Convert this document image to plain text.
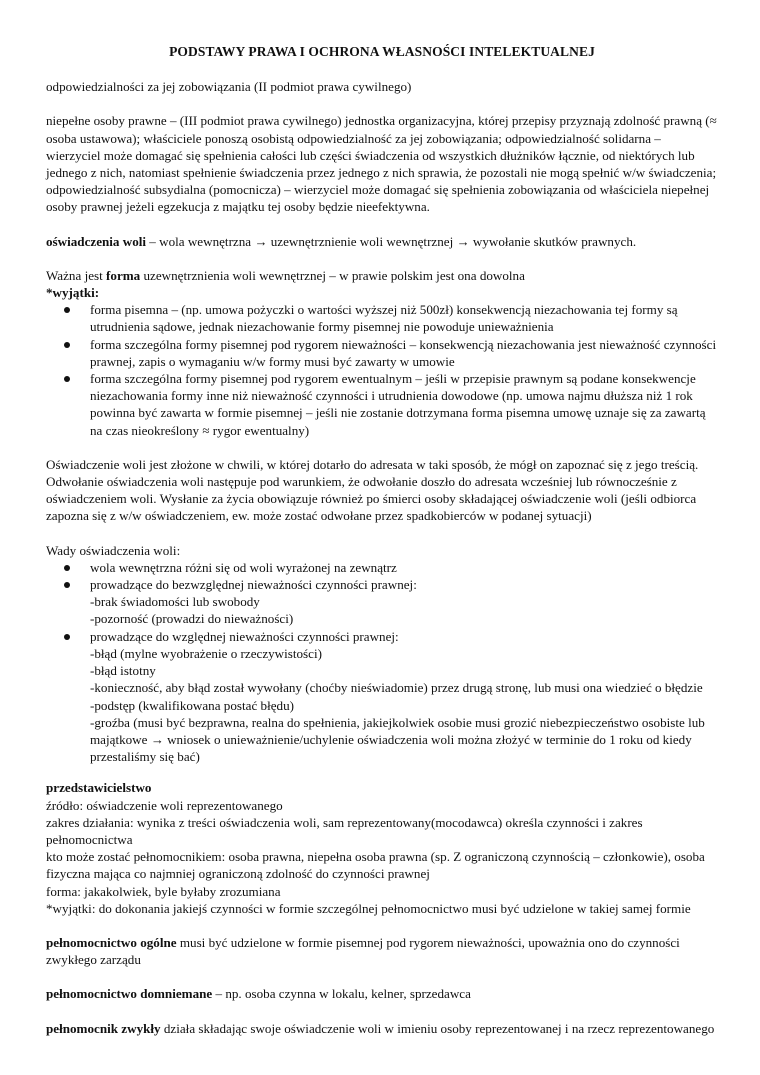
PODSTAWY PRAWA I OCHRONA WŁASNOŚCI INTELEKTUALNEJ

odpowiedzialności za jej zobowiązania (II podmiot prawa cywilnego)

niepełne osoby prawne – (III podmiot prawa cywilnego) jednostka organizacyjna, której przepisy przyznają zdolność prawną (≈ osoba ustawowa); właściciele ponoszą osobistą odpowiedzialność za jej zobowiązania; odpowiedzialność solidarna – wierzyciel może domagać się spełnienia całości lub części świadczenia od wszystkich dłużników łącznie, od niektórych lub jednego z nich, natomiast spełnienie świadczenia przez jednego z nich sprawia, że pozostali nie mogą spełnić w/w świadczenia; odpowiedzialność subsydialna (pomocnicza) – wierzyciel może domagać się spełnienia zobowiązania od właściciela niepełnej osoby prawnej jeżeli egzekucja z majątku tej osoby będzie nieefektywna.

oświadczenia woli – wola wewnętrzna → uzewnętrznienie woli wewnętrznej → wywołanie skutków prawnych.

Ważna jest forma uzewnętrznienia woli wewnętrznej – w prawie polskim jest ona dowolna

*wyjątki:

forma pisemna – (np. umowa pożyczki o wartości wyższej niż 500zł) konsekwencją niezachowania tej formy są utrudnienia sądowe, jednak niezachowanie formy pisemnej nie powoduje unieważnienia
forma szczególna formy pisemnej pod rygorem nieważności – konsekwencją niezachowania jest nieważność czynności prawnej, zapis o wymaganiu w/w formy musi być zawarty w umowie
forma szczególna formy pisemnej pod rygorem ewentualnym – jeśli w przepisie prawnym są podane konsekwencje niezachowania formy inne niż nieważność czynności i utrudnienia dowodowe (np. umowa najmu dłuższa niż 1 rok powinna być zawarta w formie pisemnej – jeśli nie zostanie dotrzymana forma pisemna umowę uznaje się za zawartą na czas nieokreślony ≈ rygor ewentualny)

Oświadczenie woli jest złożone w chwili, w której dotarło do adresata w taki sposób, że mógł on zapoznać się z jego treścią. Odwołanie oświadczenia woli następuje pod warunkiem, że odwołanie doszło do adresata wcześniej lub równocześnie z oświadczeniem woli. Wysłanie za życia obowiązuje również po śmierci osoby składającej oświadczenie woli (jeśli odbiorca zapozna się z w/w oświadczeniem, ew. może zostać odwołane przez spadkobierców w podanej sytuacji)

Wady oświadczenia woli:

wola wewnętrzna różni się od woli wyrażonej na zewnątrz
prowadzące do bezwzględnej nieważności czynności prawnej:
-brak świadomości lub swobody
-pozorność (prowadzi do nieważności)
prowadzące do względnej nieważności czynności prawnej:
-błąd (mylne wyobrażenie o rzeczywistości)
-błąd istotny
-konieczność, aby błąd został wywołany (choćby nieświadomie) przez drugą stronę, lub musi ona wiedzieć o błędzie
-podstęp (kwalifikowana postać błędu)
-groźba (musi być bezprawna, realna do spełnienia, jakiejkolwiek osobie musi grozić niebezpieczeństwo osobiste lub majątkowe → wniosek o unieważnienie/uchylenie oświadczenia woli można złożyć w terminie do 1 roku od kiedy przestaliśmy się bać)

przedstawicielstwo

źródło: oświadczenie woli reprezentowanego

zakres działania: wynika z treści oświadczenia woli, sam reprezentowany(mocodawca) określa czynności i zakres pełnomocnictwa

kto może zostać pełnomocnikiem: osoba prawna, niepełna osoba prawna (sp. Z ograniczoną czynnością – członkowie), osoba fizyczna mająca co najmniej ograniczoną zdolność do czynności prawnej

forma: jakakolwiek, byle byłaby zrozumiana

*wyjątki: do dokonania jakiejś czynności w formie szczególnej pełnomocnictwo musi być udzielone w takiej samej formie

pełnomocnictwo ogólne musi być udzielone w formie pisemnej pod rygorem nieważności, upoważnia ono do czynności zwykłego zarządu

pełnomocnictwo domniemane – np. osoba czynna w lokalu, kelner, sprzedawca

pełnomocnik zwykły działa składając swoje oświadczenie woli w imieniu osoby reprezentowanej i na rzecz reprezentowanego
